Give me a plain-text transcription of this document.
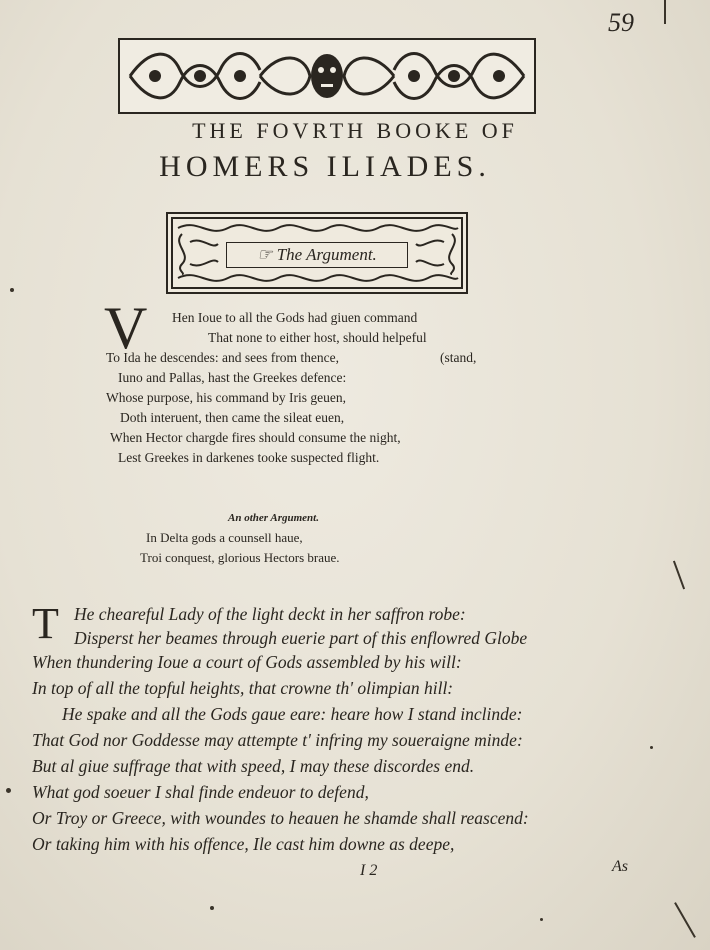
59
THE FOVRTH BOOKE OF
HOMERS ILIADES.
☞ The Argument.
V Hen Ioue to all the Gods had giuen command
That none to either host, should helpeful
To Ida he descendes: and sees from thence,	(stand,
Iuno and Pallas, hast the Greekes defence:
Whose purpose, his command by Iris geuen,
Doth interuent, then came the sileat euen,
When Hector chargde fires should consume the night,
Lest Greekes in darkenes tooke suspected flight.
An other Argument.
In Delta gods a counsell haue,
Troi conquest, glorious Hectors braue.
T He cheareful Lady of the light deckt in her saffron robe:
Disperst her beames through euerie part of this enflowred Globe
When thundering Ioue a court of Gods assembled by his will:
In top of all the topful heights, that crowne th' olimpian hill:
He spake and all the Gods gaue eare: heare how I stand inclinde:
That God nor Goddesse may attempte t' infring my soueraigne minde:
But al giue suffrage that with speed, I may these discordes end.
What god soeuer I shal finde endeuor to defend,
Or Troy or Greece, with woundes to heauen he shamde shall reascend:
Or taking him with his offence, Ile cast him downe as deepe,
I 2	As
